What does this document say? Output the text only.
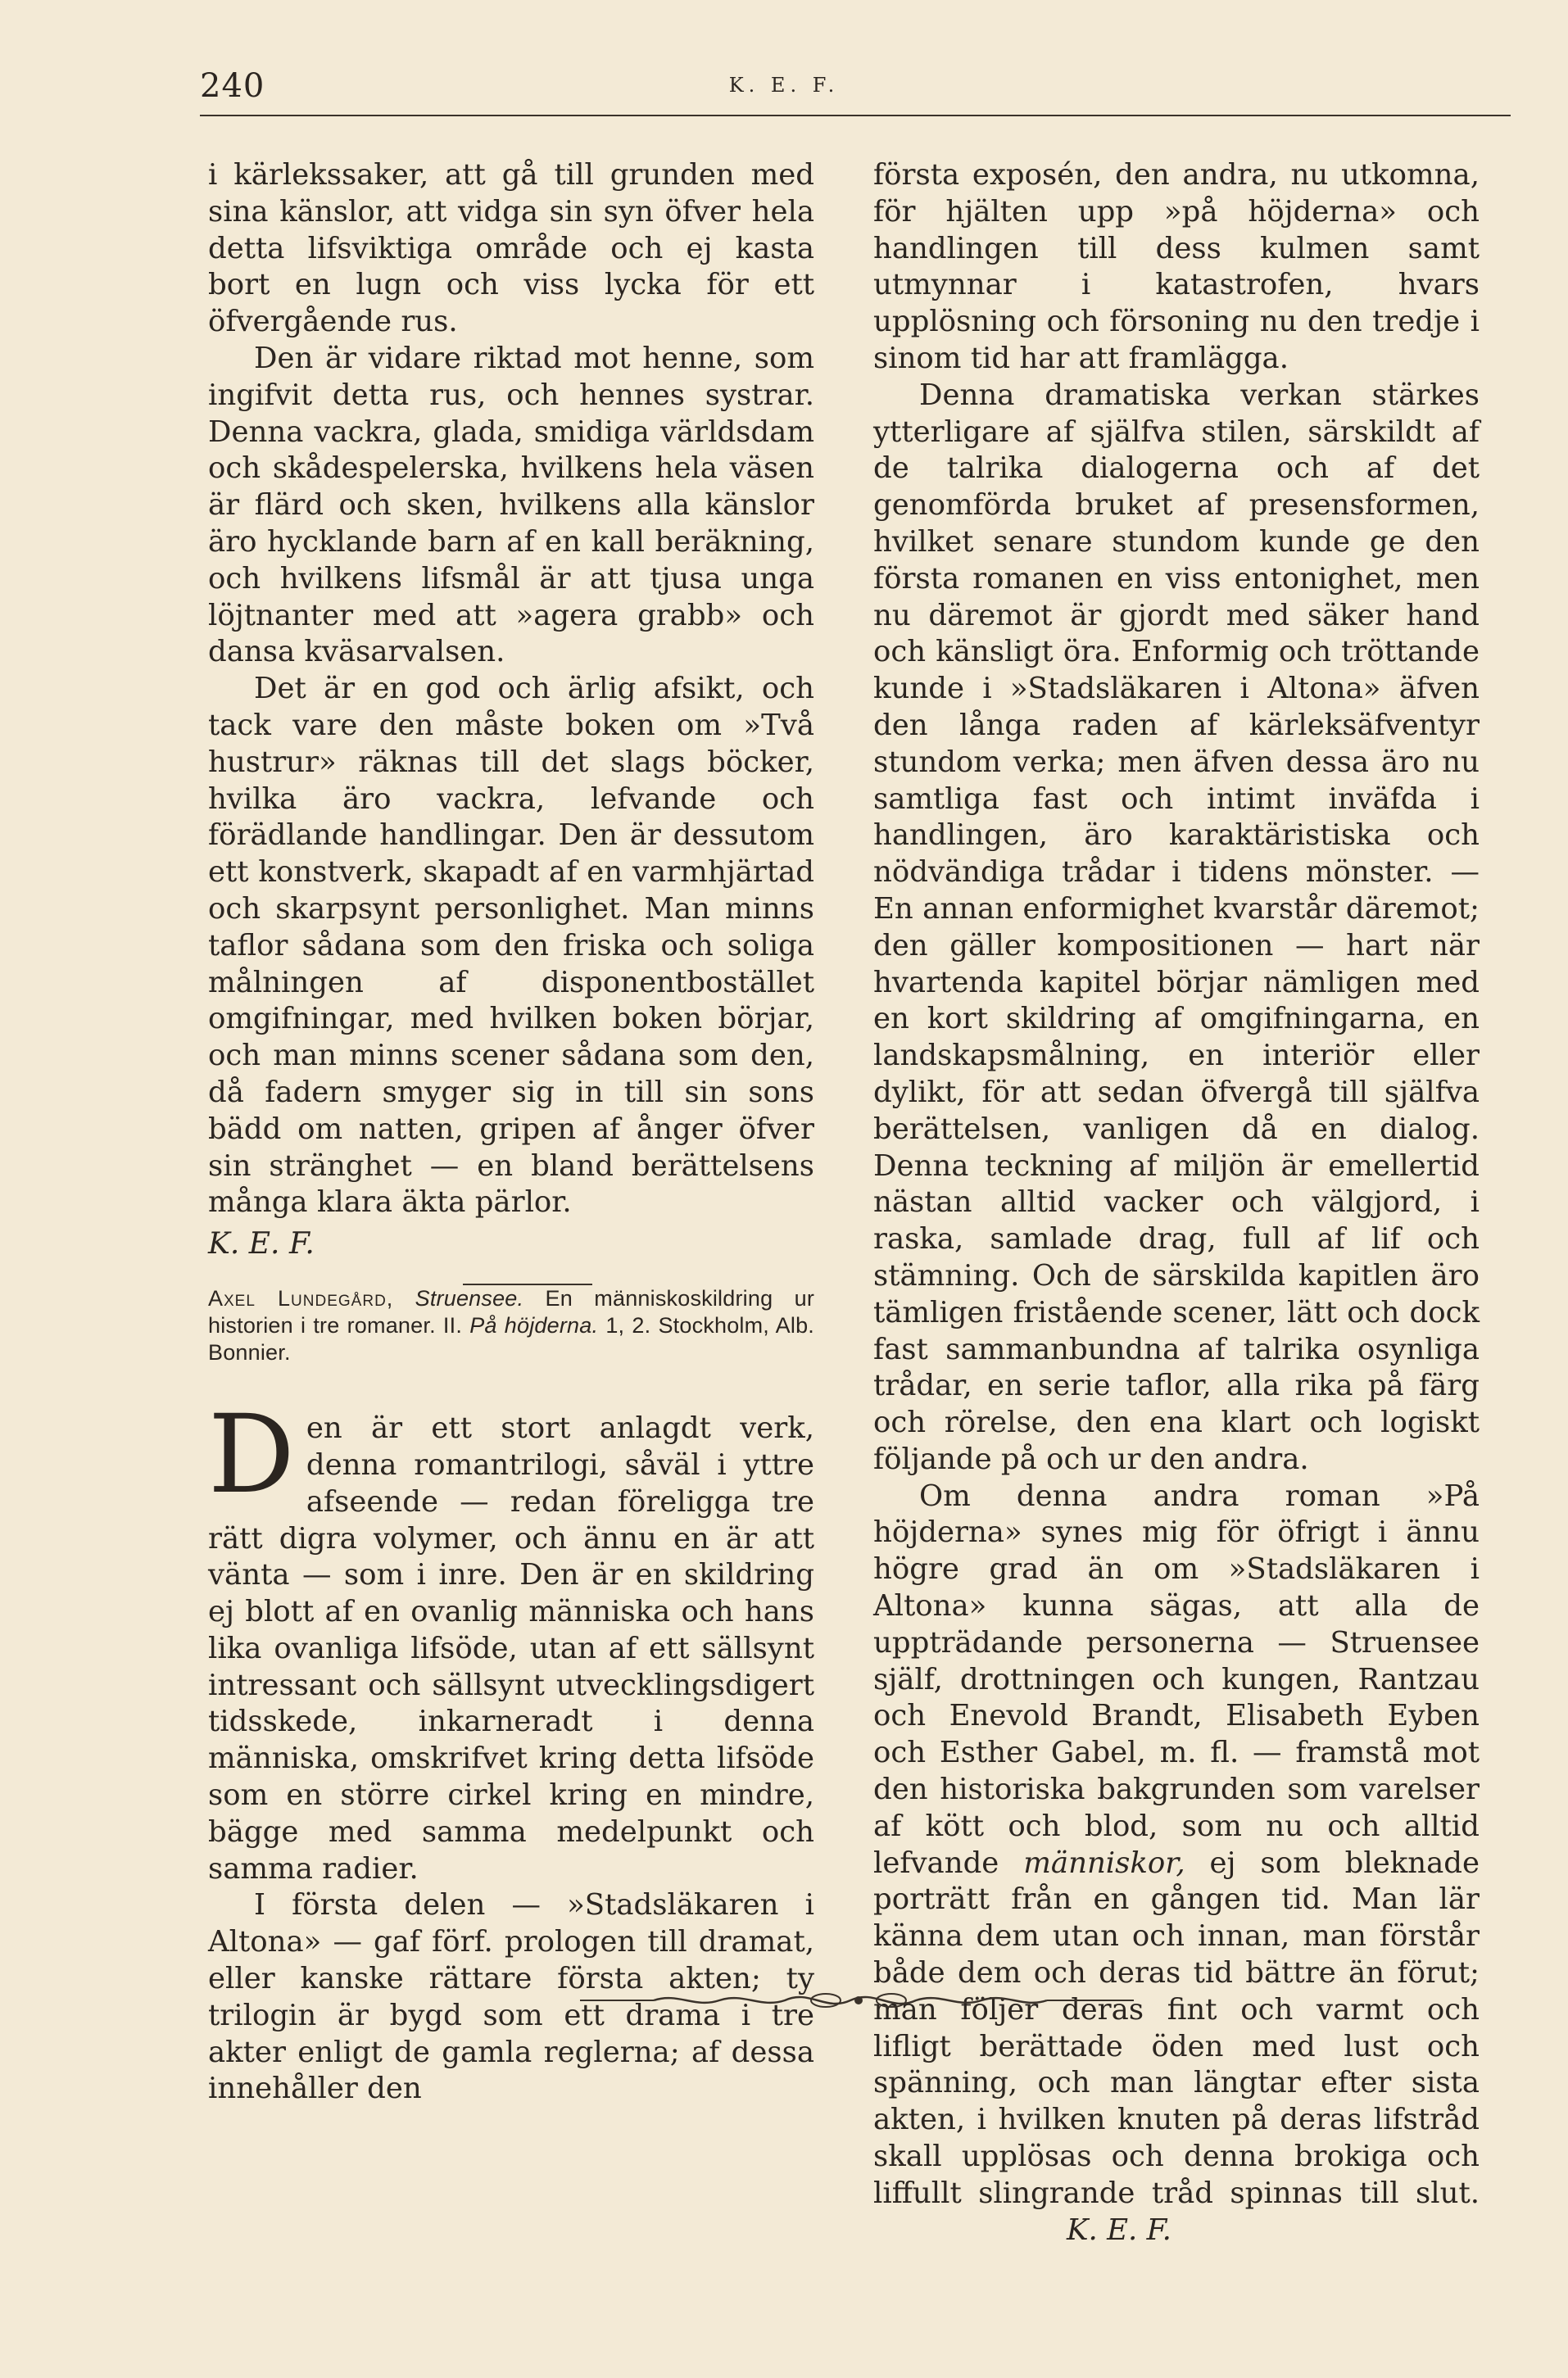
240	K. E. F.

i kärlekssaker, att gå till grunden med sina känslor, att vidga sin syn öfver hela detta lifsviktiga område och ej kasta bort en lugn och viss lycka för ett öfvergående rus.

Den är vidare riktad mot henne, som ingifvit detta rus, och hennes systrar. Denna vackra, glada, smidiga världsdam och skådespelerska, hvilkens hela väsen är flärd och sken, hvilkens alla känslor äro hycklande barn af en kall beräkning, och hvilkens lifsmål är att tjusa unga löjtnanter med att »agera grabb» och dansa kväsarvalsen.

Det är en god och ärlig afsikt, och tack vare den måste boken om »Två hustrur» räknas till det slags böcker, hvilka äro vackra, lefvande och förädlande handlingar. Den är dessutom ett konstverk, skapadt af en varmhjärtad och skarpsynt personlighet. Man minns taflor sådana som den friska och soliga målningen af disponentbostället omgifningar, med hvilken boken börjar, och man minns scener sådana som den, då fadern smyger sig in till sin sons bädd om natten, gripen af ånger öfver sin stränghet — en bland berättelsens många klara äkta pärlor.

K. E. F.

Axel Lundegård, Struensee. En människoskildring ur historien i tre romaner. II. På höjderna. 1, 2. Stockholm, Alb. Bonnier.

Den är ett stort anlagdt verk, denna romantrilogi, såväl i yttre afseende — redan föreligga tre rätt digra volymer, och ännu en är att vänta — som i inre. Den är en skildring ej blott af en ovanlig människa och hans lika ovanliga lifsöde, utan af ett sällsynt intressant och sällsynt utvecklingsdigert tidsskede, inkarneradt i denna människa, omskrifvet kring detta lifsöde som en större cirkel kring en mindre, bägge med samma medelpunkt och samma radier.

I första delen — »Stadsläkaren i Altona» — gaf förf. prologen till dramat, eller kanske rättare första akten; ty trilogin är bygd som ett drama i tre akter enligt de gamla reglerna; af dessa innehåller den

första exposén, den andra, nu utkomna, för hjälten upp »på höjderna» och handlingen till dess kulmen samt utmynnar i katastrofen, hvars upplösning och försoning nu den tredje i sinom tid har att framlägga.

Denna dramatiska verkan stärkes ytterligare af själfva stilen, särskildt af de talrika dialogerna och af det genomförda bruket af presensformen, hvilket senare stundom kunde ge den första romanen en viss entonighet, men nu däremot är gjordt med säker hand och känsligt öra. Enformig och tröttande kunde i »Stadsläkaren i Altona» äfven den långa raden af kärleksäfventyr stundom verka; men äfven dessa äro nu samtliga fast och intimt inväfda i handlingen, äro karaktäristiska och nödvändiga trådar i tidens mönster. — En annan enformighet kvarstår däremot; den gäller kompositionen — hart när hvartenda kapitel börjar nämligen med en kort skildring af omgifningarna, en landskapsmålning, en interiör eller dylikt, för att sedan öfvergå till själfva berättelsen, vanligen då en dialog. Denna teckning af miljön är emellertid nästan alltid vacker och välgjord, i raska, samlade drag, full af lif och stämning. Och de särskilda kapitlen äro tämligen fristående scener, lätt och dock fast sammanbundna af talrika osynliga trådar, en serie taflor, alla rika på färg och rörelse, den ena klart och logiskt följande på och ur den andra.

Om denna andra roman »På höjderna» synes mig för öfrigt i ännu högre grad än om »Stadsläkaren i Altona» kunna sägas, att alla de uppträdande personerna — Struensee själf, drottningen och kungen, Rantzau och Enevold Brandt, Elisabeth Eyben och Esther Gabel, m. fl. — framstå mot den historiska bakgrunden som varelser af kött och blod, som nu och alltid lefvande människor, ej som bleknade porträtt från en gången tid. Man lär känna dem utan och innan, man förstår både dem och deras tid bättre än förut; man följer deras fint och varmt och lifligt berättade öden med lust och spänning, och man längtar efter sista akten, i hvilken knuten på deras lifstråd skall upplösas och denna brokiga och liffullt slingrande tråd spinnas till slut. K. E. F.
